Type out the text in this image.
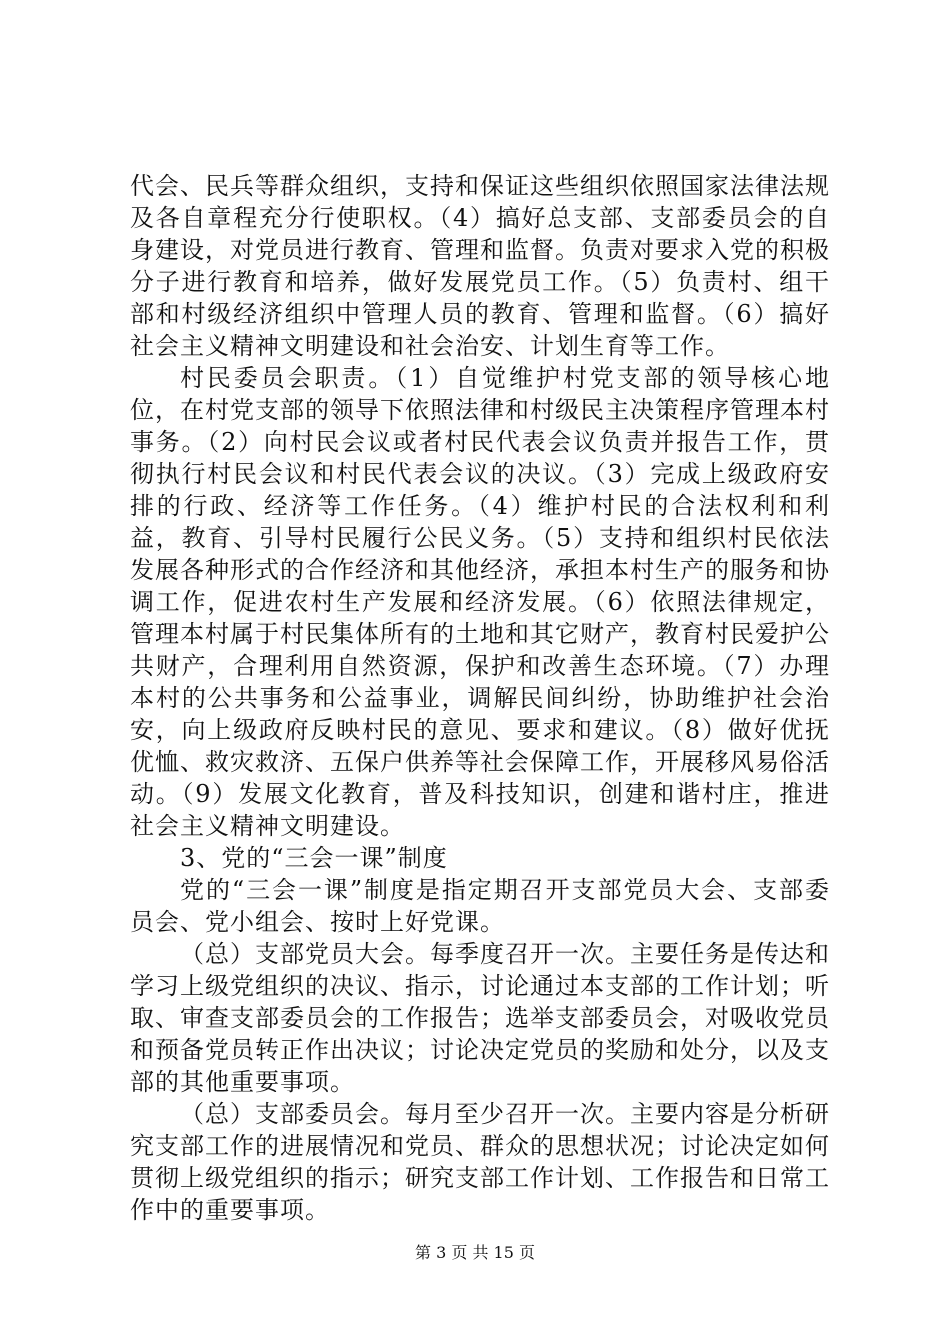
代会、民兵等群众组织，支持和保证这些组织依照国家法律法规及各自章程充分行使职权。（4）搞好总支部、支部委员会的自身建设，对党员进行教育、管理和监督。负责对要求入党的积极分子进行教育和培养，做好发展党员工作。（5）负责村、组干部和村级经济组织中管理人员的教育、管理和监督。（6）搞好社会主义精神文明建设和社会治安、计划生育等工作。

村民委员会职责。（1）自觉维护村党支部的领导核心地位，在村党支部的领导下依照法律和村级民主决策程序管理本村事务。（2）向村民会议或者村民代表会议负责并报告工作，贯彻执行村民会议和村民代表会议的决议。（3）完成上级政府安排的行政、经济等工作任务。（4）维护村民的合法权利和利益，教育、引导村民履行公民义务。（5）支持和组织村民依法发展各种形式的合作经济和其他经济，承担本村生产的服务和协调工作，促进农村生产发展和经济发展。（6）依照法律规定，管理本村属于村民集体所有的土地和其它财产，教育村民爱护公共财产，合理利用自然资源，保护和改善生态环境。（7）办理本村的公共事务和公益事业，调解民间纠纷，协助维护社会治安，向上级政府反映村民的意见、要求和建议。（8）做好优抚优恤、救灾救济、五保户供养等社会保障工作，开展移风易俗活动。（9）发展文化教育，普及科技知识，创建和谐村庄，推进社会主义精神文明建设。

3、党的“三会一课”制度

党的“三会一课”制度是指定期召开支部党员大会、支部委员会、党小组会、按时上好党课。

（总）支部党员大会。每季度召开一次。主要任务是传达和学习上级党组织的决议、指示，讨论通过本支部的工作计划；听取、审查支部委员会的工作报告；选举支部委员会，对吸收党员和预备党员转正作出决议；讨论决定党员的奖励和处分，以及支部的其他重要事项。

（总）支部委员会。每月至少召开一次。主要内容是分析研究支部工作的进展情况和党员、群众的思想状况；讨论决定如何贯彻上级党组织的指示；研究支部工作计划、工作报告和日常工作中的重要事项。

第 3 页 共 15 页
